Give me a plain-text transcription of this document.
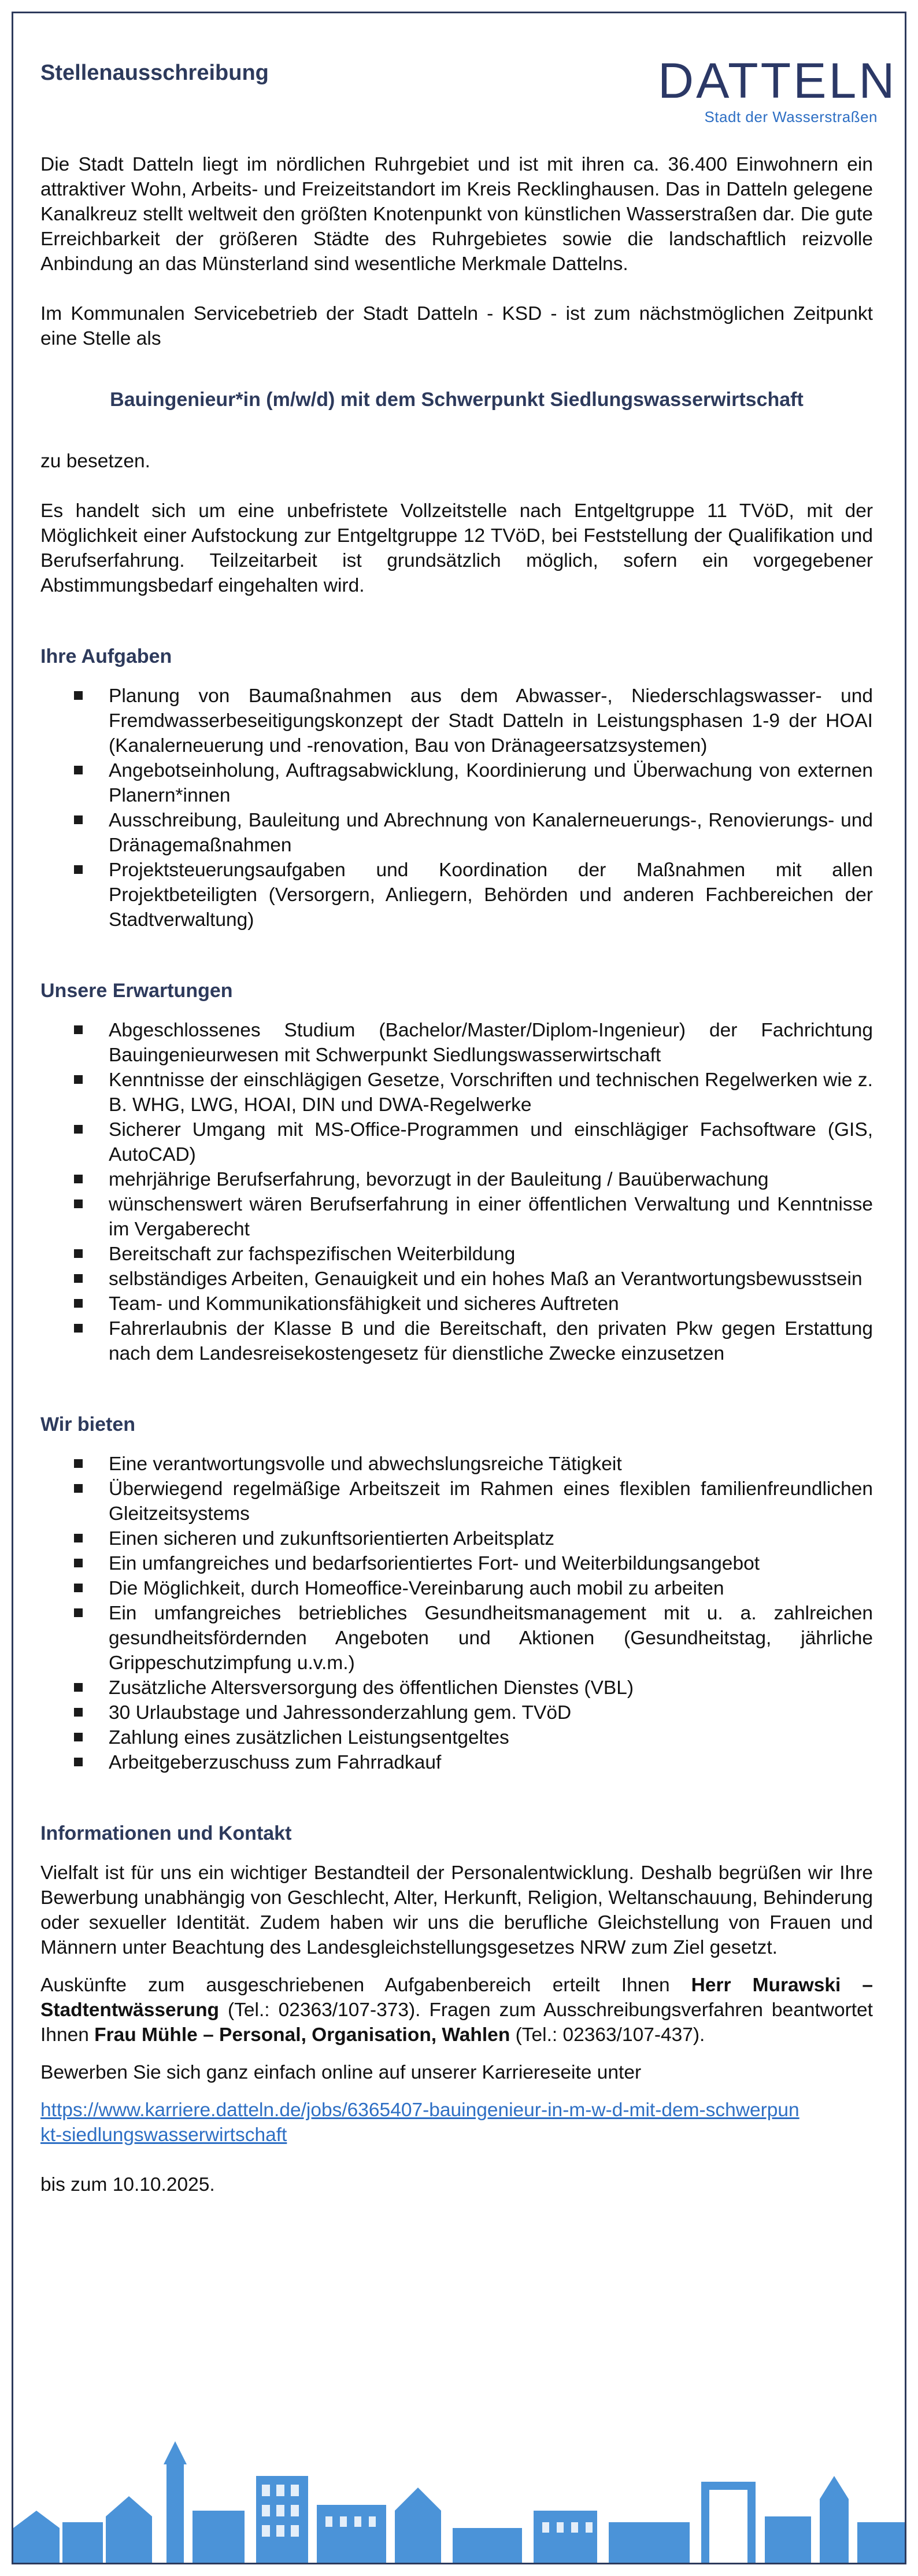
Stellenausschreibung	DATTELN
Stadt der Wasserstraßen

Die Stadt Datteln liegt im nördlichen Ruhrgebiet und ist mit ihren ca. 36.400 Einwohnern ein attraktiver Wohn, Arbeits- und Freizeitstandort im Kreis Recklinghausen. Das in Datteln gelegene Kanalkreuz stellt weltweit den größten Knotenpunkt von künstlichen Wasserstraßen dar. Die gute Erreichbarkeit der größeren Städte des Ruhrgebietes sowie die landschaftlich reizvolle Anbindung an das Münsterland sind wesentliche Merkmale Dattelns.

Im Kommunalen Servicebetrieb der Stadt Datteln - KSD - ist zum nächstmöglichen Zeitpunkt eine Stelle als

Bauingenieur*in (m/w/d) mit dem Schwerpunkt Siedlungswasserwirtschaft

zu besetzen.

Es handelt sich um eine unbefristete Vollzeitstelle nach Entgeltgruppe 11 TVöD, mit der Möglichkeit einer Aufstockung zur Entgeltgruppe 12 TVöD, bei Feststellung der Qualifikation und Berufserfahrung. Teilzeitarbeit ist grundsätzlich möglich, sofern ein vorgegebener Abstimmungsbedarf eingehalten wird.

Ihre Aufgaben
Planung von Baumaßnahmen aus dem Abwasser-, Niederschlagswasser- und Fremdwasserbeseitigungskonzept der Stadt Datteln in Leistungsphasen 1-9 der HOAI (Kanalerneuerung und -renovation, Bau von Dränageersatzsystemen)
Angebotseinholung, Auftragsabwicklung, Koordinierung und Überwachung von externen Planern*innen
Ausschreibung, Bauleitung und Abrechnung von Kanalerneuerungs-, Renovierungs- und Dränagemaßnahmen
Projektsteuerungsaufgaben und Koordination der Maßnahmen mit allen Projektbeteiligten (Versorgern, Anliegern, Behörden und anderen Fachbereichen der Stadtverwaltung)
Unsere Erwartungen
Abgeschlossenes Studium (Bachelor/Master/Diplom-Ingenieur) der Fachrichtung Bauingenieurwesen mit Schwerpunkt Siedlungswasserwirtschaft
Kenntnisse der einschlägigen Gesetze, Vorschriften und technischen Regelwerken wie z. B. WHG, LWG, HOAI, DIN und DWA-Regelwerke
Sicherer Umgang mit MS-Office-Programmen und einschlägiger Fachsoftware (GIS, AutoCAD)
mehrjährige Berufserfahrung, bevorzugt in der Bauleitung / Bauüberwachung
wünschenswert wären Berufserfahrung in einer öffentlichen Verwaltung und Kenntnisse im Vergaberecht
Bereitschaft zur fachspezifischen Weiterbildung
selbständiges Arbeiten, Genauigkeit und ein hohes Maß an Verantwortungsbewusstsein
Team- und Kommunikationsfähigkeit und sicheres Auftreten
Fahrerlaubnis der Klasse B und die Bereitschaft, den privaten Pkw gegen Erstattung nach dem Landesreisekostengesetz für dienstliche Zwecke einzusetzen
Wir bieten
Eine verantwortungsvolle und abwechslungsreiche Tätigkeit
Überwiegend regelmäßige Arbeitszeit im Rahmen eines flexiblen familienfreundlichen Gleitzeitsystems
Einen sicheren und zukunftsorientierten Arbeitsplatz
Ein umfangreiches und bedarfsorientiertes Fort- und Weiterbildungsangebot
Die Möglichkeit, durch Homeoffice-Vereinbarung auch mobil zu arbeiten
Ein umfangreiches betriebliches Gesundheitsmanagement mit u. a. zahlreichen gesundheitsfördernden Angeboten und Aktionen (Gesundheitstag, jährliche Grippeschutzimpfung u.v.m.)
Zusätzliche Altersversorgung des öffentlichen Dienstes (VBL)
30 Urlaubstage und Jahressonderzahlung gem. TVöD
Zahlung eines zusätzlichen Leistungsentgeltes
Arbeitgeberzuschuss zum Fahrradkauf
Informationen und Kontakt

Vielfalt ist für uns ein wichtiger Bestandteil der Personalentwicklung. Deshalb begrüßen wir Ihre Bewerbung unabhängig von Geschlecht, Alter, Herkunft, Religion, Weltanschauung, Behinderung oder sexueller Identität. Zudem haben wir uns die berufliche Gleichstellung von Frauen und Männern unter Beachtung des Landesgleichstellungsgesetzes NRW zum Ziel gesetzt.

Auskünfte zum ausgeschriebenen Aufgabenbereich erteilt Ihnen Herr Murawski – Stadtentwässerung (Tel.: 02363/107-373). Fragen zum Ausschreibungsverfahren beantwortet Ihnen Frau Mühle – Personal, Organisation, Wahlen (Tel.: 02363/107-437).

Bewerben Sie sich ganz einfach online auf unserer Karriereseite unter

https://www.karriere.datteln.de/jobs/6365407-bauingenieur-in-m-w-d-mit-dem-schwerpunkt-siedlungswasserwirtschaft

bis zum 10.10.2025.
